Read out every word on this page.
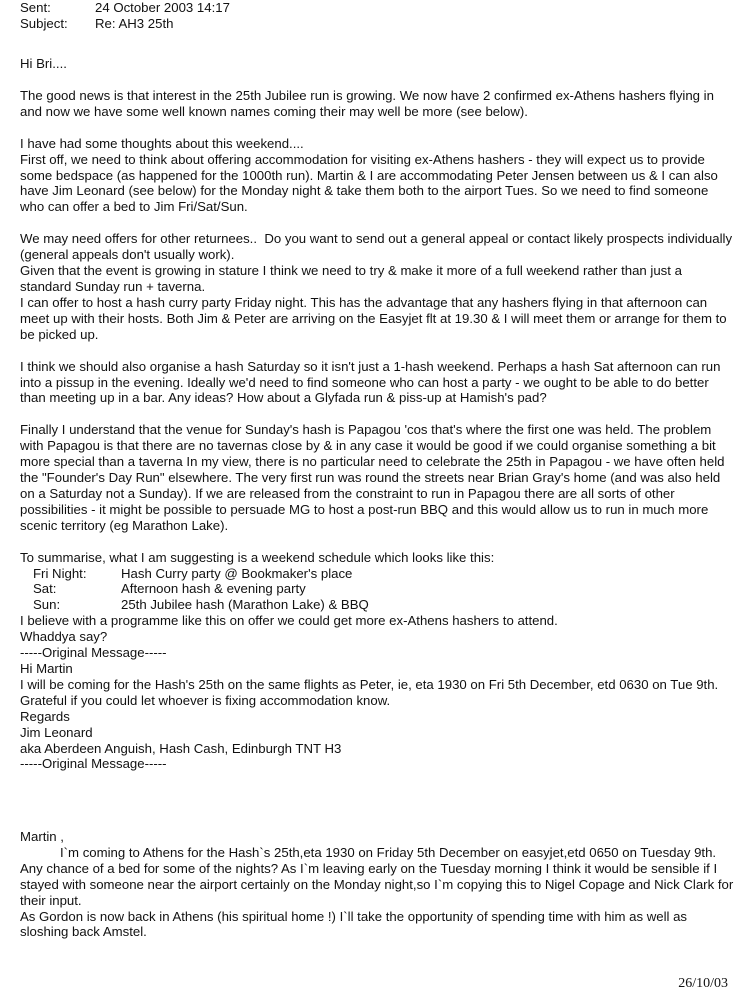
Sent:	24 October 2003 14:17
Subject:	Re: AH3 25th

Hi Bri....

The good news is that interest in the 25th Jubilee run is growing. We now have 2 confirmed ex-Athens hashers flying in and now we have some well known names coming their may well be more (see below).

I have had some thoughts about this weekend....

First off, we need to think about offering accommodation for visiting ex-Athens hashers - they will expect us to provide some bedspace (as happened for the 1000th run). Martin & I are accommodating Peter Jensen between us & I can also have Jim Leonard (see below) for the Monday night & take them both to the airport Tues. So we need to find someone who can offer a bed to Jim Fri/Sat/Sun.

We may need offers for other returnees..  Do you want to send out a general appeal or contact likely prospects individually (general appeals don't usually work).

Given that the event is growing in stature I think we need to try & make it more of a full weekend rather than just a standard Sunday run + taverna.

I can offer to host a hash curry party Friday night. This has the advantage that any hashers flying in that afternoon can meet up with their hosts. Both Jim & Peter are arriving on the Easyjet flt at 19.30 & I will meet them or arrange for them to be picked up.

I think we should also organise a hash Saturday so it isn't just a 1-hash weekend. Perhaps a hash Sat afternoon can run into a pissup in the evening. Ideally we'd need to find someone who can host a party - we ought to be able to do better than meeting up in a bar. Any ideas? How about a Glyfada run & piss-up at Hamish's pad?

Finally I understand that the venue for Sunday's hash is Papagou 'cos that's where the first one was held. The problem with Papagou is that there are no tavernas close by & in any case it would be good if we could organise something a bit more special than a taverna In my view, there is no particular need to celebrate the 25th in Papagou - we have often held the "Founder's Day Run" elsewhere. The very first run was round the streets near Brian Gray's home (and was also held on a Saturday not a Sunday). If we are released from the constraint to run in Papagou there are all sorts of other possibilities - it might be possible to persuade MG to host a post-run BBQ and this would allow us to run in much more scenic territory (eg Marathon Lake).

To summarise, what I am suggesting is a weekend schedule which looks like this:

Fri Night:	Hash Curry party @ Bookmaker's place
Sat:	Afternoon hash & evening party
Sun:	25th Jubilee hash (Marathon Lake) & BBQ

I believe with a programme like this on offer we could get more ex-Athens hashers to attend.

Whaddya say?

-----Original Message-----

Hi Martin

I will be coming for the Hash's 25th on the same flights as Peter, ie, eta 1930 on Fri 5th December, etd 0630 on Tue 9th. Grateful if you could let whoever is fixing accommodation know.

Regards

Jim Leonard

aka Aberdeen Anguish, Hash Cash, Edinburgh TNT H3

-----Original Message-----

Martin ,

I`m coming to Athens for the Hash`s 25th,eta 1930 on Friday 5th December on easyjet,etd 0650 on Tuesday 9th.

Any chance of a bed for some of the nights? As I`m leaving early on the Tuesday morning I think it would be sensible if I stayed with someone near the airport certainly on the Monday night,so I`m copying this to Nigel Copage and Nick Clark for their input.

As Gordon is now back in Athens (his spiritual home !) I`ll take the opportunity of spending time with him as well as sloshing back Amstel.

26/10/03
